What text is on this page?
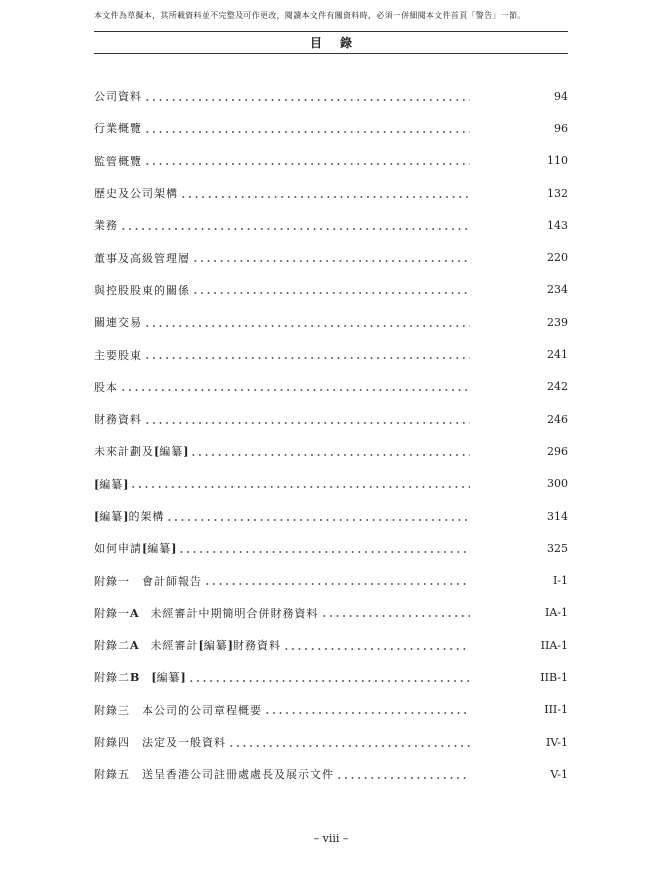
本文件為草擬本，其所載資料並不完整及可作更改，閱讀本文件有關資料時，必須一併細閱本文件首頁「警告」一節。
目錄
公司資料	94
行業概覽	96
監管概覽	110
歷史及公司架構	132
業務	143
董事及高級管理層	220
與控股股東的關係	234
關連交易	239
主要股東	241
股本	242
財務資料	246
未來計劃及[編纂]	296
[編纂]	300
[編纂]的架構	314
如何申請[編纂]	325
附錄一　會計師報告	I-1
附錄一A　未經審計中期簡明合併財務資料	IA-1
附錄二A　未經審計[編纂]財務資料	IIA-1
附錄二B　 [編纂]	IIB-1
附錄三　本公司的公司章程概要	III-1
附錄四　法定及一般資料	IV-1
附錄五　送呈香港公司註冊處處長及展示文件	V-1
– viii –
